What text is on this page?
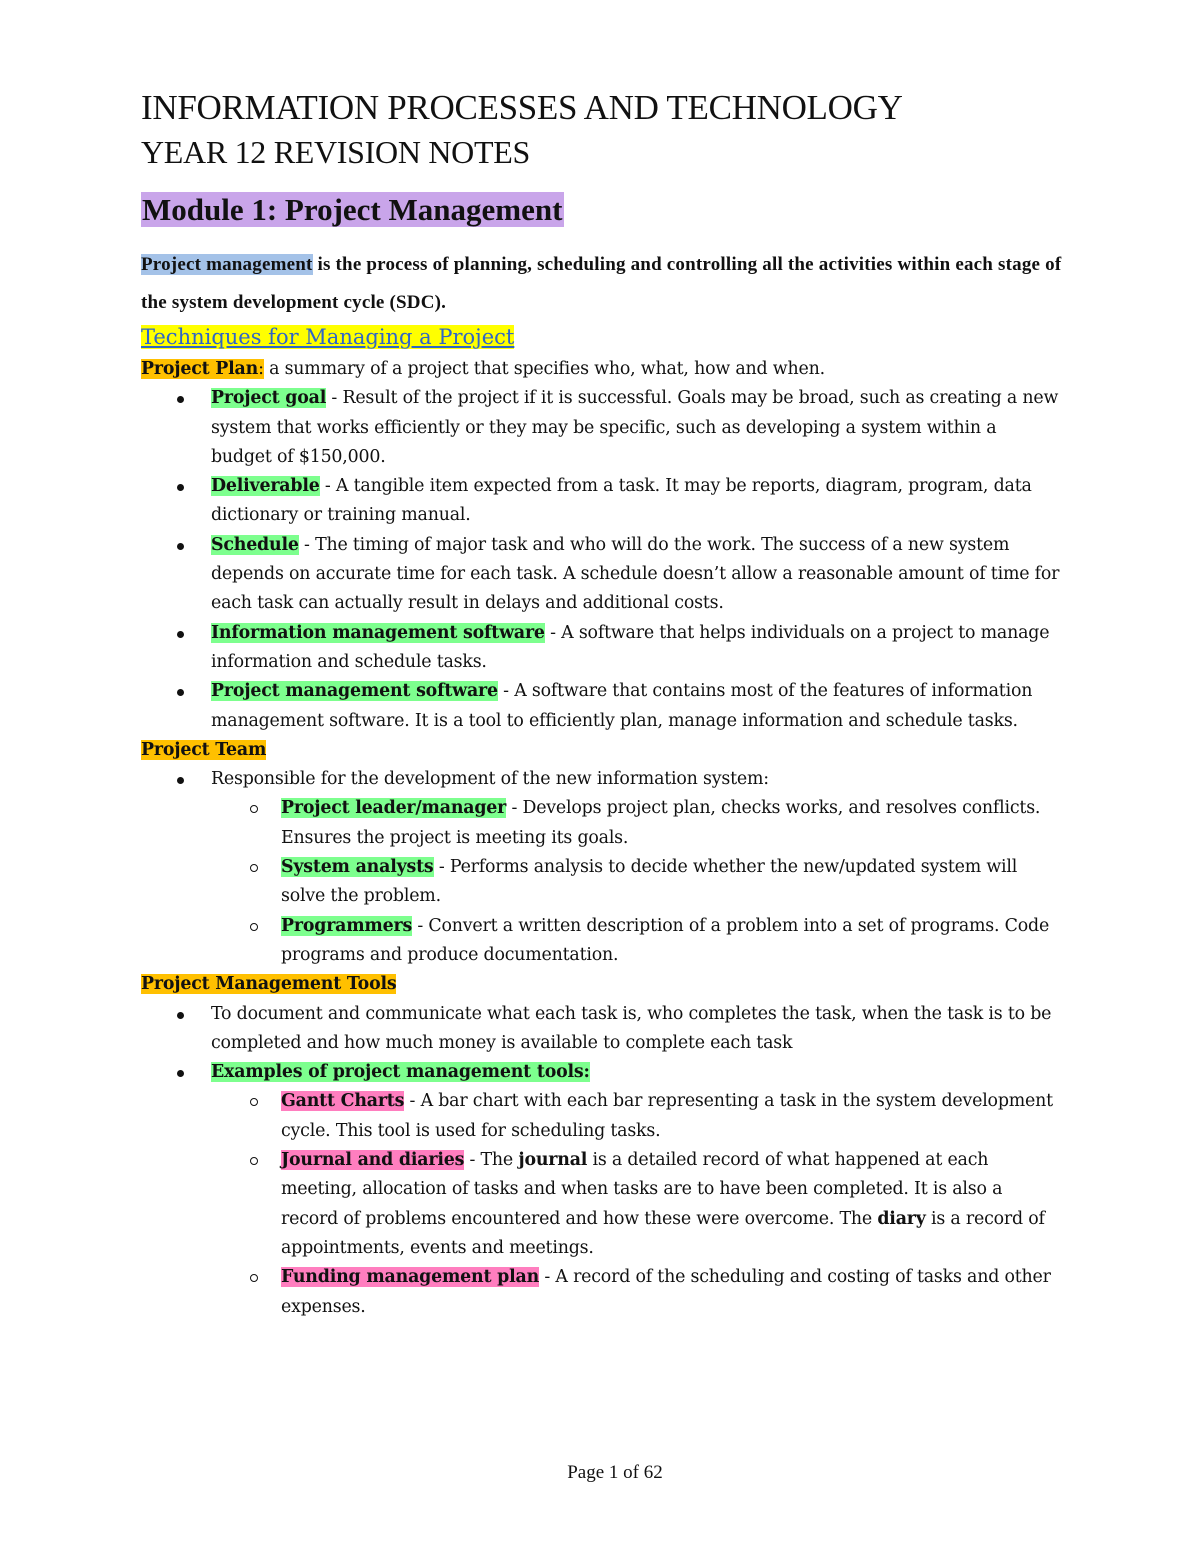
INFORMATION PROCESSES AND TECHNOLOGY
YEAR 12 REVISION NOTES
Module 1: Project Management
Project management is the process of planning, scheduling and controlling all the activities within each stage of the system development cycle (SDC).
Techniques for Managing a Project
Project Plan: a summary of a project that specifies who, what, how and when.
Project goal - Result of the project if it is successful. Goals may be broad, such as creating a new system that works efficiently or they may be specific, such as developing a system within a budget of $150,000.
Deliverable - A tangible item expected from a task. It may be reports, diagram, program, data dictionary or training manual.
Schedule - The timing of major task and who will do the work. The success of a new system depends on accurate time for each task. A schedule doesn’t allow a reasonable amount of time for each task can actually result in delays and additional costs.
Information management software - A software that helps individuals on a project to manage information and schedule tasks.
Project management software - A software that contains most of the features of information management software. It is a tool to efficiently plan, manage information and schedule tasks.
Project Team
Responsible for the development of the new information system:
Project leader/manager - Develops project plan, checks works, and resolves conflicts. Ensures the project is meeting its goals.
System analysts - Performs analysis to decide whether the new/updated system will solve the problem.
Programmers - Convert a written description of a problem into a set of programs. Code programs and produce documentation.
Project Management Tools
To document and communicate what each task is, who completes the task, when the task is to be completed and how much money is available to complete each task
Examples of project management tools:
Gantt Charts - A bar chart with each bar representing a task in the system development cycle. This tool is used for scheduling tasks.
Journal and diaries - The journal is a detailed record of what happened at each meeting, allocation of tasks and when tasks are to have been completed. It is also a record of problems encountered and how these were overcome. The diary is a record of appointments, events and meetings.
Funding management plan - A record of the scheduling and costing of tasks and other expenses.
Page 1 of 62
